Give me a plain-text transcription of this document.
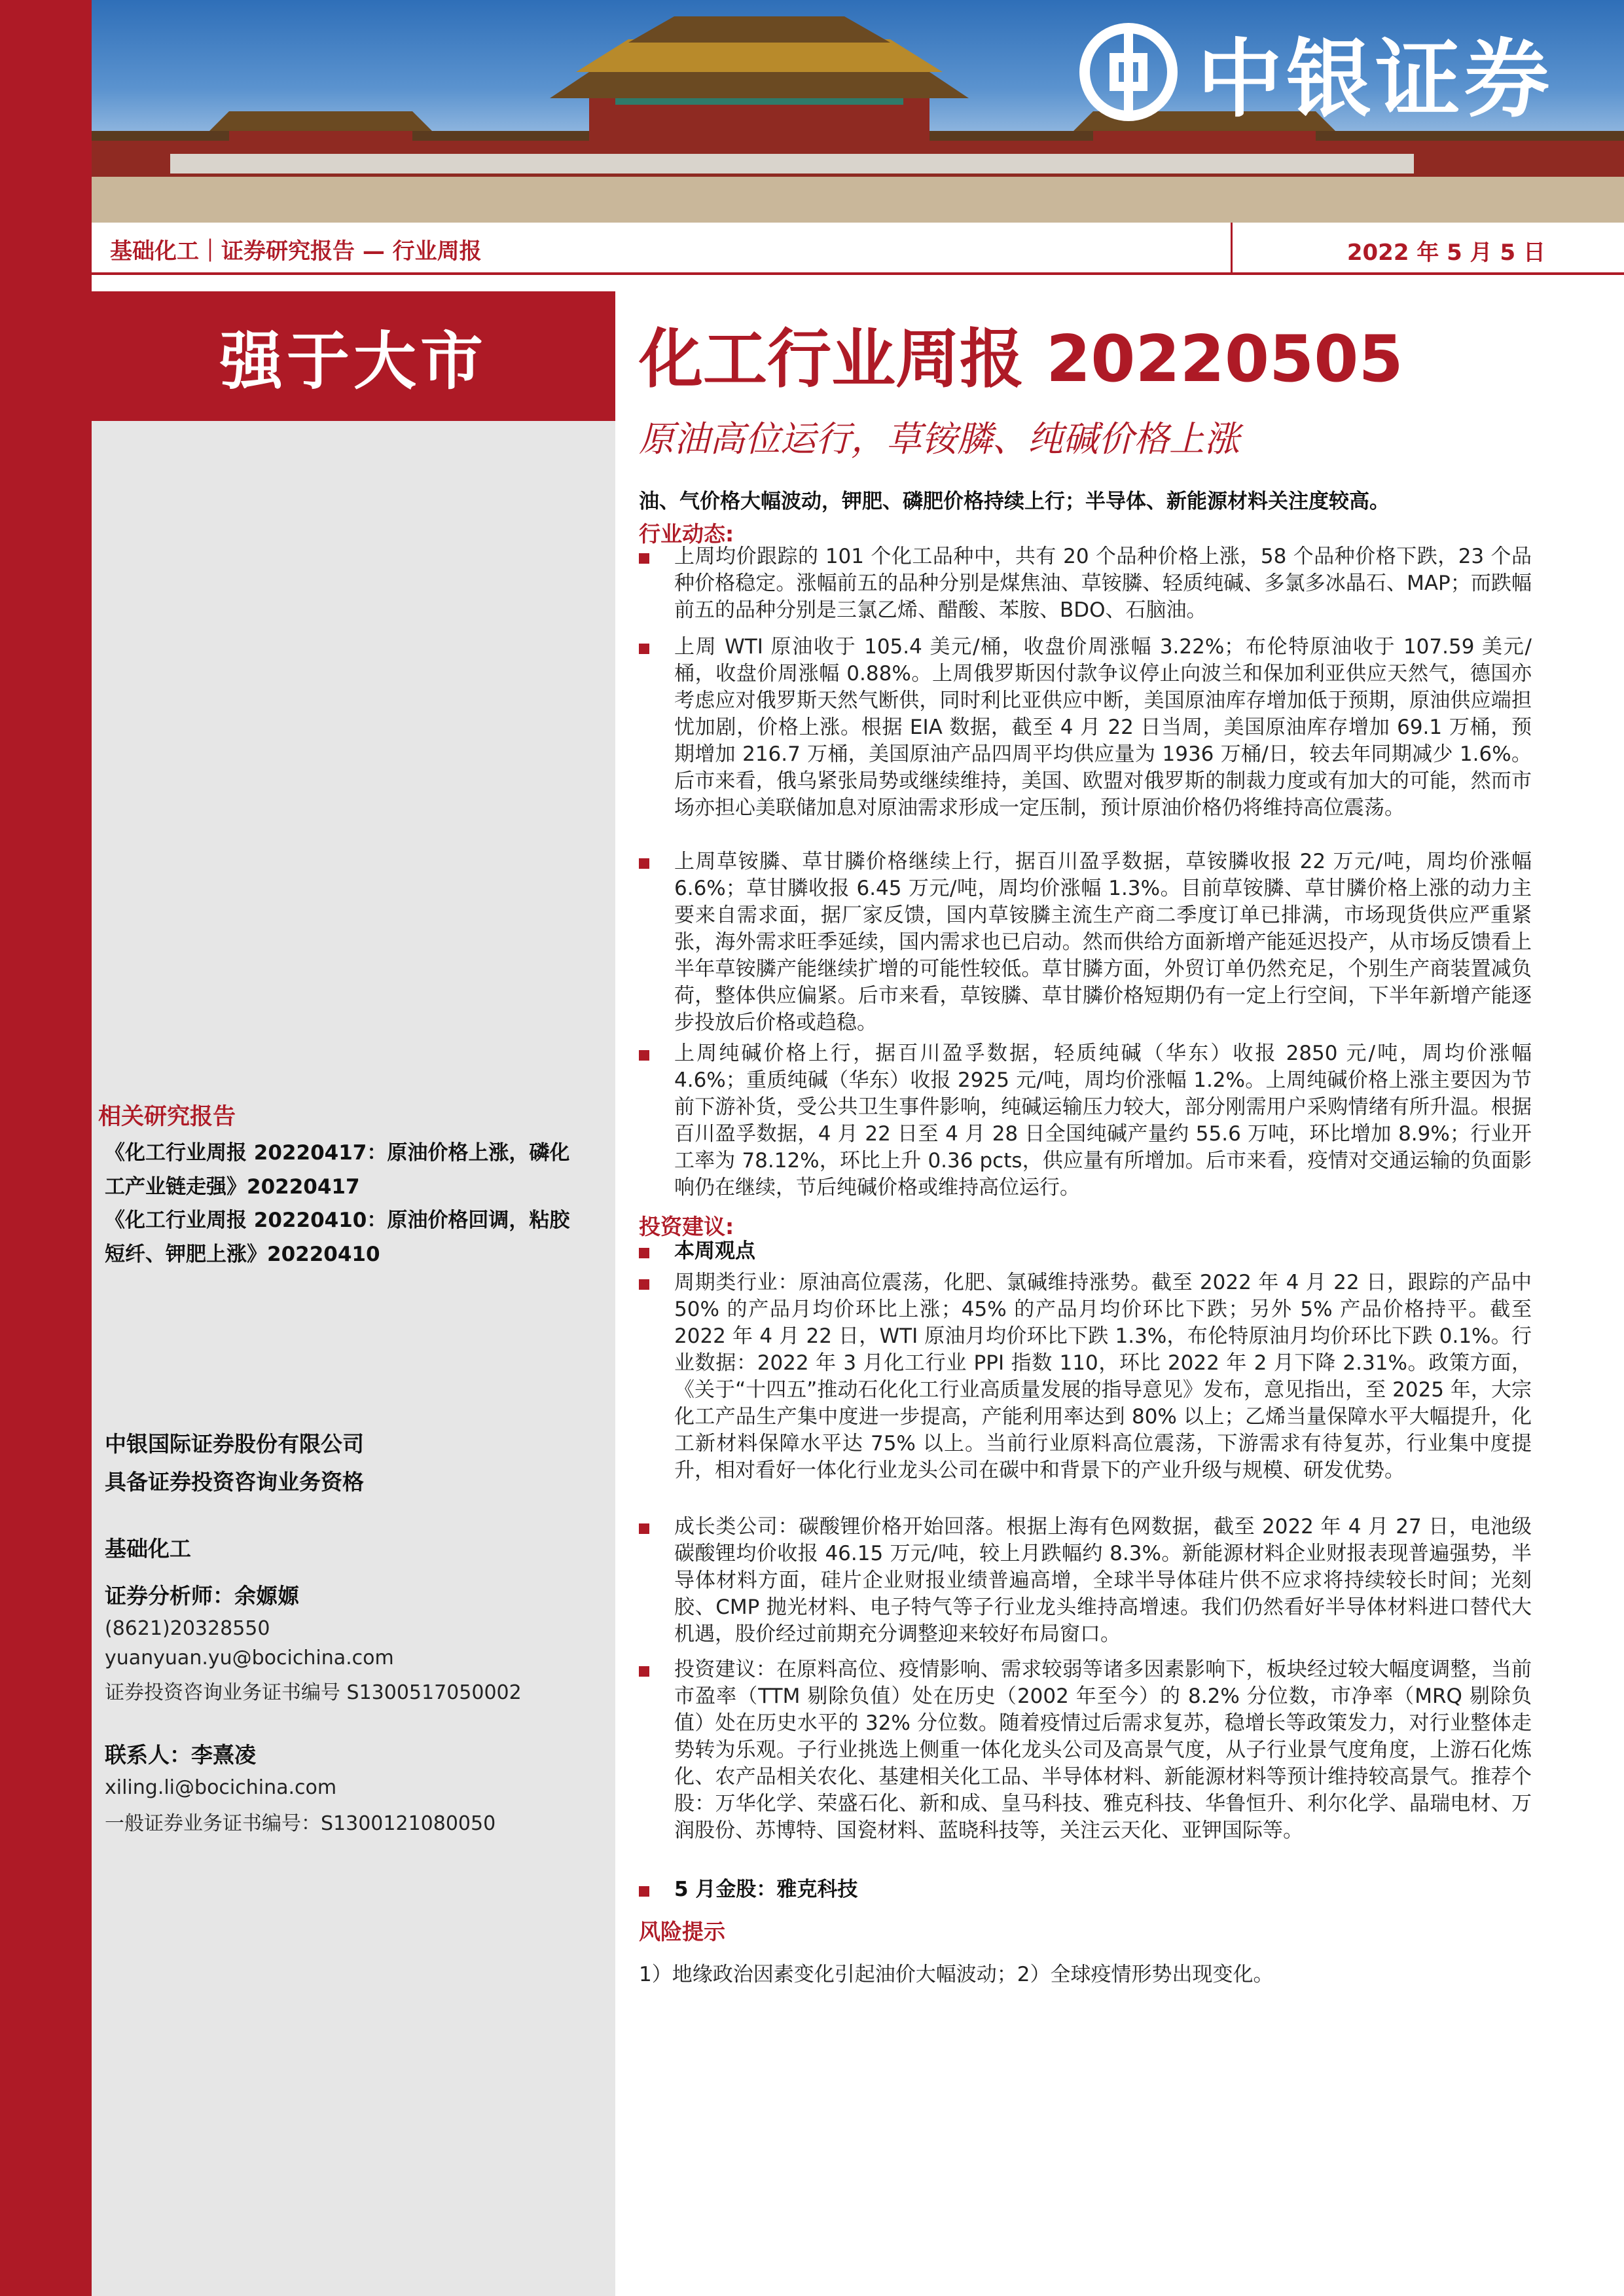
中银证券
基础化工｜证券研究报告 — 行业周报	2022 年 5 月 5 日
强于大市	化工行业周报 20220505
原油高位运行，草铵膦、纯碱价格上涨
油、气价格大幅波动，钾肥、磷肥价格持续上行；半导体、新能源材料关注度较高。
行业动态:
上周均价跟踪的 101 个化工品种中，共有 20 个品种价格上涨，58 个品种价格下跌，23 个品种价格稳定。涨幅前五的品种分别是煤焦油、草铵膦、轻质纯碱、多氯多冰晶石、MAP；而跌幅前五的品种分别是三氯乙烯、醋酸、苯胺、BDO、石脑油。
上周 WTI 原油收于 105.4 美元/桶，收盘价周涨幅 3.22%；布伦特原油收于 107.59 美元/桶，收盘价周涨幅 0.88%。上周俄罗斯因付款争议停止向波兰和保加利亚供应天然气，德国亦考虑应对俄罗斯天然气断供，同时利比亚供应中断，美国原油库存增加低于预期，原油供应端担忧加剧，价格上涨。根据 EIA 数据，截至 4 月 22 日当周，美国原油库存增加 69.1 万桶，预期增加 216.7 万桶，美国原油产品四周平均供应量为 1936 万桶/日，较去年同期减少 1.6%。后市来看，俄乌紧张局势或继续维持，美国、欧盟对俄罗斯的制裁力度或有加大的可能，然而市场亦担心美联储加息对原油需求形成一定压制，预计原油价格仍将维持高位震荡。
上周草铵膦、草甘膦价格继续上行，据百川盈孚数据，草铵膦收报 22 万元/吨，周均价涨幅 6.6%；草甘膦收报 6.45 万元/吨，周均价涨幅 1.3%。目前草铵膦、草甘膦价格上涨的动力主要来自需求面，据厂家反馈，国内草铵膦主流生产商二季度订单已排满，市场现货供应严重紧张，海外需求旺季延续，国内需求也已启动。然而供给方面新增产能延迟投产，从市场反馈看上半年草铵膦产能继续扩增的可能性较低。草甘膦方面，外贸订单仍然充足，个别生产商装置减负荷，整体供应偏紧。后市来看，草铵膦、草甘膦价格短期仍有一定上行空间，下半年新增产能逐步投放后价格或趋稳。
上周纯碱价格上行，据百川盈孚数据，轻质纯碱（华东）收报 2850 元/吨，周均价涨幅 4.6%；重质纯碱（华东）收报 2925 元/吨，周均价涨幅 1.2%。上周纯碱价格上涨主要因为节前下游补货，受公共卫生事件影响，纯碱运输压力较大，部分刚需用户采购情绪有所升温。根据百川盈孚数据，4 月 22 日至 4 月 28 日全国纯碱产量约 55.6 万吨，环比增加 8.9%；行业开工率为 78.12%，环比上升 0.36 pcts，供应量有所增加。后市来看，疫情对交通运输的负面影响仍在继续，节后纯碱价格或维持高位运行。
投资建议:
本周观点
周期类行业：原油高位震荡，化肥、氯碱维持涨势。截至 2022 年 4 月 22 日，跟踪的产品中 50% 的产品月均价环比上涨；45% 的产品月均价环比下跌；另外 5% 产品价格持平。截至 2022 年 4 月 22 日，WTI 原油月均价环比下跌 1.3%，布伦特原油月均价环比下跌 0.1%。行业数据：2022 年 3 月化工行业 PPI 指数 110，环比 2022 年 2 月下降 2.31%。政策方面，《关于“十四五”推动石化化工行业高质量发展的指导意见》发布，意见指出，至 2025 年，大宗化工产品生产集中度进一步提高，产能利用率达到 80% 以上；乙烯当量保障水平大幅提升，化工新材料保障水平达 75% 以上。当前行业原料高位震荡，下游需求有待复苏，行业集中度提升，相对看好一体化行业龙头公司在碳中和背景下的产业升级与规模、研发优势。
成长类公司：碳酸锂价格开始回落。根据上海有色网数据，截至 2022 年 4 月 27 日，电池级碳酸锂均价收报 46.15 万元/吨，较上月跌幅约 8.3%。新能源材料企业财报表现普遍强势，半导体材料方面，硅片企业财报业绩普遍高增，全球半导体硅片供不应求将持续较长时间；光刻胶、CMP 抛光材料、电子特气等子行业龙头维持高增速。我们仍然看好半导体材料进口替代大机遇，股价经过前期充分调整迎来较好布局窗口。
投资建议：在原料高位、疫情影响、需求较弱等诸多因素影响下，板块经过较大幅度调整，当前市盈率（TTM 剔除负值）处在历史（2002 年至今）的 8.2% 分位数，市净率（MRQ 剔除负值）处在历史水平的 32% 分位数。随着疫情过后需求复苏，稳增长等政策发力，对行业整体走势转为乐观。子行业挑选上侧重一体化龙头公司及高景气度，从子行业景气度角度，上游石化炼化、农产品相关农化、基建相关化工品、半导体材料、新能源材料等预计维持较高景气。推荐个股：万华化学、荣盛石化、新和成、皇马科技、雅克科技、华鲁恒升、利尔化学、晶瑞电材、万润股份、苏博特、国瓷材料、蓝晓科技等，关注云天化、亚钾国际等。
5 月金股：雅克科技
风险提示
1）地缘政治因素变化引起油价大幅波动；2）全球疫情形势出现变化。
相关研究报告
《化工行业周报 20220417：原油价格上涨，磷化工产业链走强》20220417
《化工行业周报 20220410：原油价格回调，粘胶短纤、钾肥上涨》20220410
中银国际证券股份有限公司
具备证券投资咨询业务资格
基础化工
证券分析师：余嫄嫄
(8621)20328550
yuanyuan.yu@bocichina.com
证券投资咨询业务证书编号 S1300517050002
联系人：李熹凌
xiling.li@bocichina.com
一般证券业务证书编号：S1300121080050
